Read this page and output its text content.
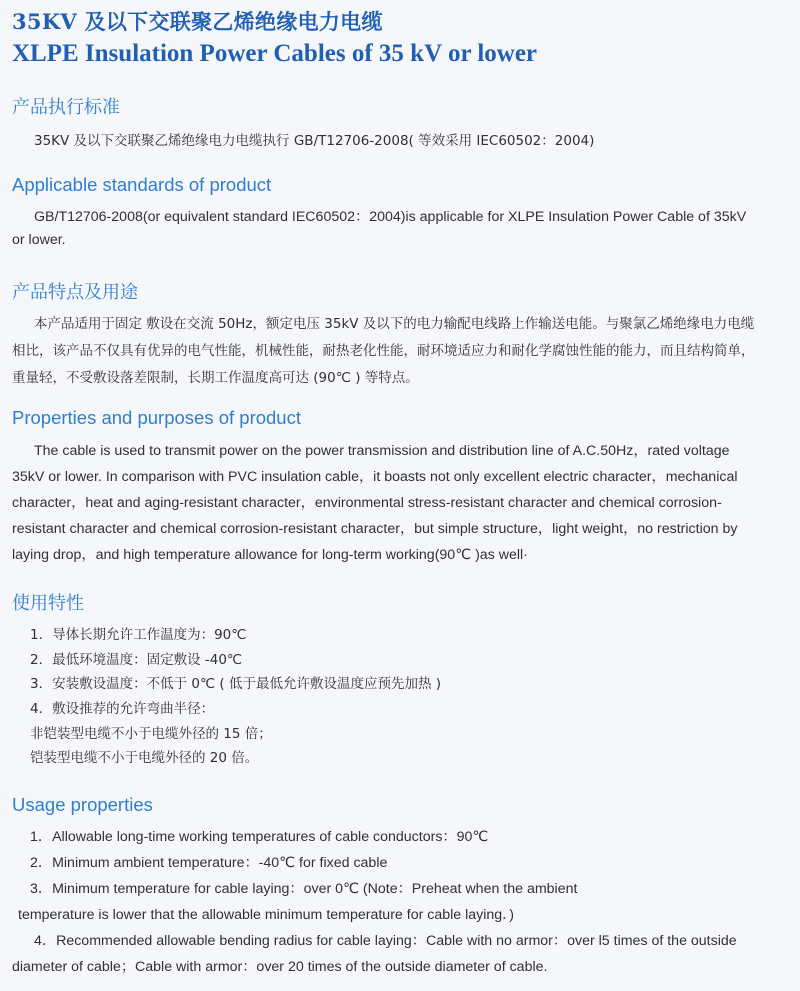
35KV 及以下交联聚乙烯绝缘电力电缆
XLPE Insulation Power Cables of 35 kV or lower
产品执行标准
35KV 及以下交联聚乙烯绝缘电力电缆执行 GB/T12706-2008( 等效采用 IEC60502：2004)
Applicable standards of product
GB/T12706-2008(or equivalent standard IEC60502：2004)is applicable for XLPE Insulation Power Cable of 35kV
or lower.
产品特点及用途
本产品适用于固定 敷设在交流 50Hz，额定电压 35kV 及以下的电力输配电线路上作输送电能。与聚氯乙烯绝缘电力电缆
相比，该产品不仅具有优异的电气性能，机械性能，耐热老化性能，耐环境适应力和耐化学腐蚀性能的能力，而且结构简单，
重量轻，不受敷设落差限制，长期工作温度高可达 (90℃ ) 等特点。
Properties and purposes of product
The cable is used to transmit power on the power transmission and distribution line of A.C.50Hz，rated voltage
35kV or lower. In comparison with PVC insulation cable，it boasts not only excellent electric character，mechanical
character，heat and aging-resistant character，environmental stress-resistant character and chemical corrosion-
resistant character and chemical corrosion-resistant character，but simple structure，light weight，no restriction by
laying drop，and high temperature allowance for long-term working(90℃ )as well·
使用特性
1．导体长期允许工作温度为：90℃
2．最低环境温度：固定敷设 -40℃
3．安装敷设温度：不低于 0℃ ( 低于最低允许敷设温度应预先加热 )
4．敷设推荐的允许弯曲半径：
非铠装型电缆不小于电缆外径的 15 倍；
铠装型电缆不小于电缆外径的 20 倍。
Usage properties
1．Allowable long-time working temperatures of cable conductors：90℃
2．Minimum ambient temperature：-40℃ for fixed cable
3．Minimum temperature for cable laying：over 0℃ (Note：Preheat when the ambient
temperature is lower that the allowable minimum temperature for cable laying．)
4．Recommended allowable bending radius for cable laying：Cable with no armor：over l5 times of the outside
diameter of cable；Cable with armor：over 20 times of the outside diameter of cable.
